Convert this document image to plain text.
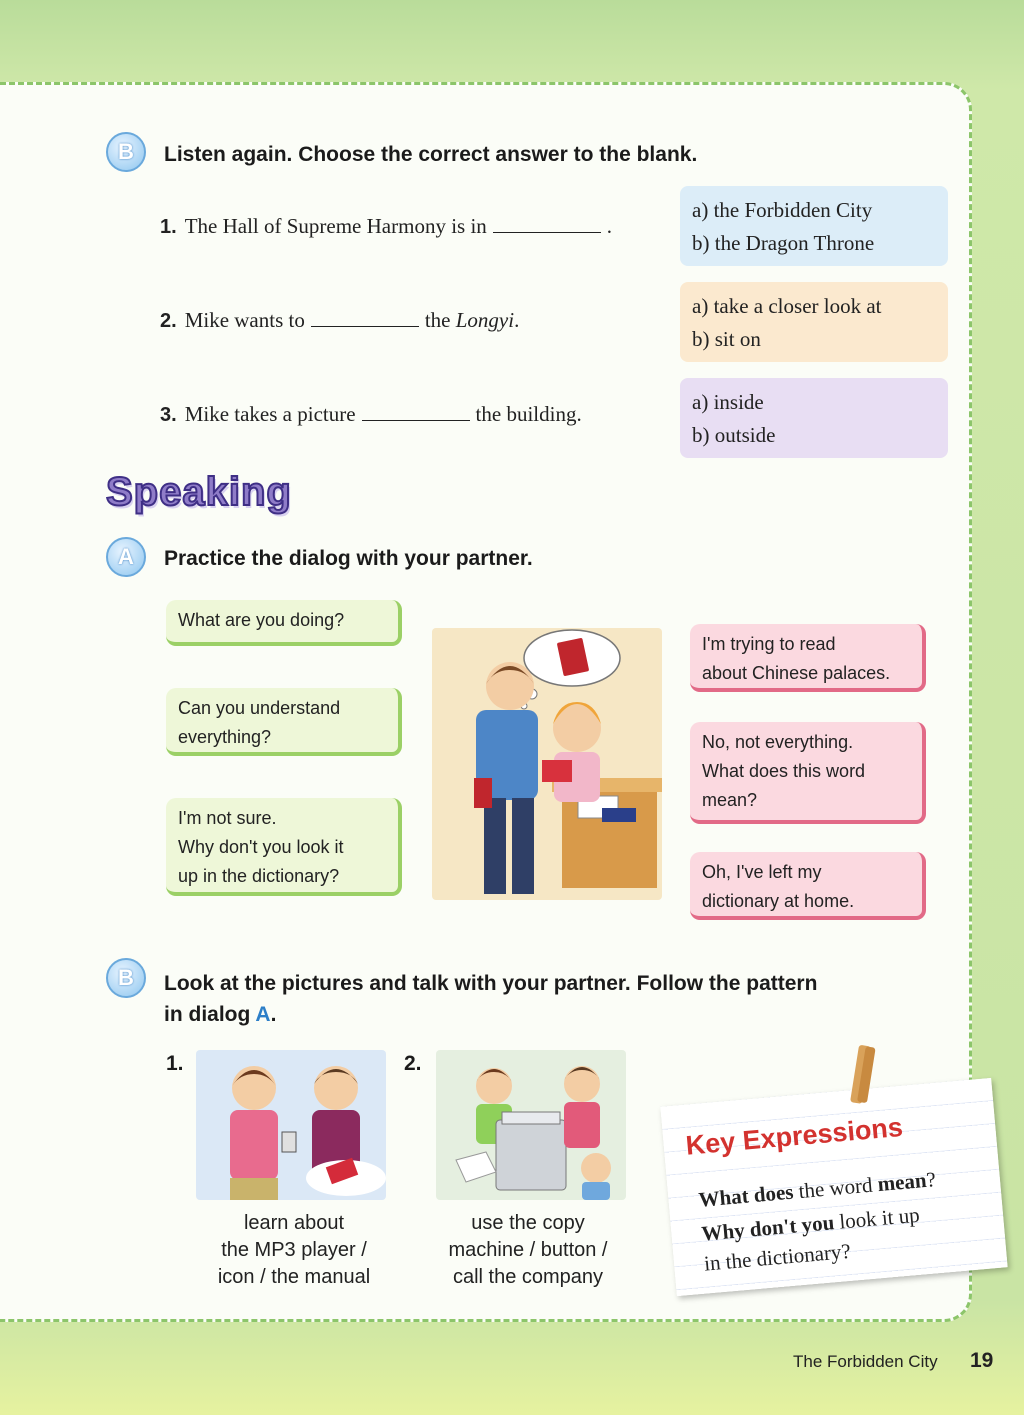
B	Listen again. Choose the correct answer to the blank.
1. The Hall of Supreme Harmony is in	.
a) the Forbidden City
b) the Dragon Throne
2. Mike wants to	the Longyi.
a) take a closer look at
b) sit on
3. Mike takes a picture	the building.	a) inside
b) outside
Speaking
A	Practice the dialog with your partner.
What are you doing?
Can you understand
everything?
I'm not sure.
Why don't you look it
up in the dictionary?
I'm trying to read
about Chinese palaces.
No, not everything.
What does this word
mean?
Oh, I've left my
dictionary at home.
B	Look at the pictures and talk with your partner. Follow the pattern
in dialog A.
1.
learn about
the MP3 player /
icon / the manual
2.
use the copy
machine / button /
call the company
Key Expressions
What does the word mean?
Why don't you look it up
in the dictionary?
The Forbidden City 19
